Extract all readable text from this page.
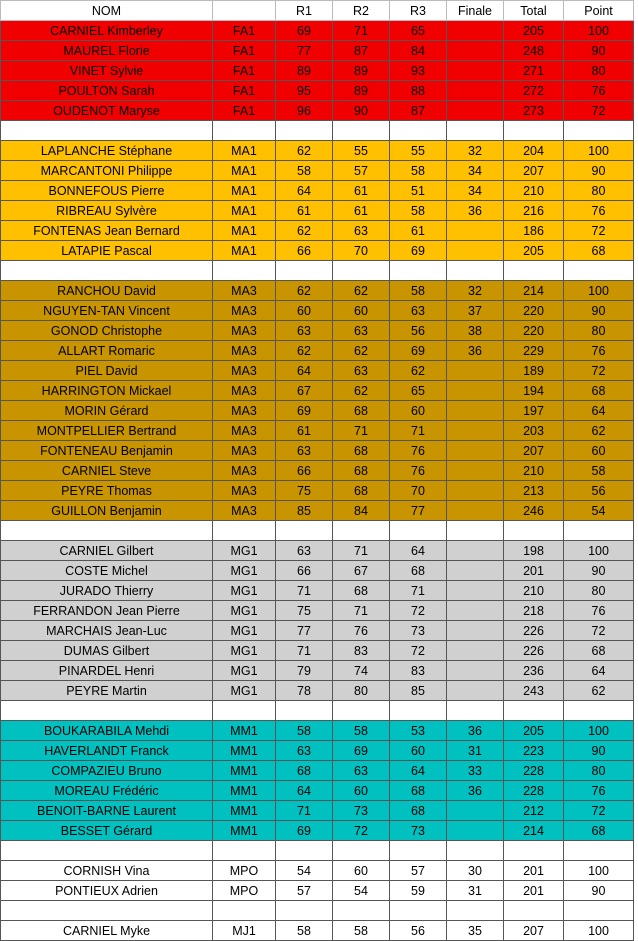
NOM		R1	R2	R3	Finale	Total	Point
CARNIEL Kimberley	FA1	69	71	65		205	100
MAUREL Florie	FA1	77	87	84		248	90
VINET Sylvie	FA1	89	89	93		271	80
POULTON Sarah	FA1	95	89	88		272	76
OUDENOT Maryse	FA1	96	90	87		273	72

LAPLANCHE Stéphane	MA1	62	55	55	32	204	100
MARCANTONI Philippe	MA1	58	57	58	34	207	90
BONNEFOUS Pierre	MA1	64	61	51	34	210	80
RIBREAU Sylvère	MA1	61	61	58	36	216	76
FONTENAS Jean Bernard	MA1	62	63	61		186	72
LATAPIE Pascal	MA1	66	70	69		205	68

RANCHOU David	MA3	62	62	58	32	214	100
NGUYEN-TAN Vincent	MA3	60	60	63	37	220	90
GONOD Christophe	MA3	63	63	56	38	220	80
ALLART Romaric	MA3	62	62	69	36	229	76
PIEL David	MA3	64	63	62		189	72
HARRINGTON Mickael	MA3	67	62	65		194	68
MORIN Gérard	MA3	69	68	60		197	64
MONTPELLIER Bertrand	MA3	61	71	71		203	62
FONTENEAU Benjamin	MA3	63	68	76		207	60
CARNIEL Steve	MA3	66	68	76		210	58
PEYRE Thomas	MA3	75	68	70		213	56
GUILLON Benjamin	MA3	85	84	77		246	54

CARNIEL Gilbert	MG1	63	71	64		198	100
COSTE Michel	MG1	66	67	68		201	90
JURADO Thierry	MG1	71	68	71		210	80
FERRANDON Jean Pierre	MG1	75	71	72		218	76
MARCHAIS Jean-Luc	MG1	77	76	73		226	72
DUMAS Gilbert	MG1	71	83	72		226	68
PINARDEL Henri	MG1	79	74	83		236	64
PEYRE Martin	MG1	78	80	85		243	62

BOUKARABILA Mehdi	MM1	58	58	53	36	205	100
HAVERLANDT Franck	MM1	63	69	60	31	223	90
COMPAZIEU Bruno	MM1	68	63	64	33	228	80
MOREAU Frédéric	MM1	64	60	68	36	228	76
BENOIT-BARNE Laurent	MM1	71	73	68		212	72
BESSET Gérard	MM1	69	72	73		214	68

CORNISH Vina	MPO	54	60	57	30	201	100
PONTIEUX Adrien	MPO	57	54	59	31	201	90

CARNIEL Myke	MJ1	58	58	56	35	207	100
